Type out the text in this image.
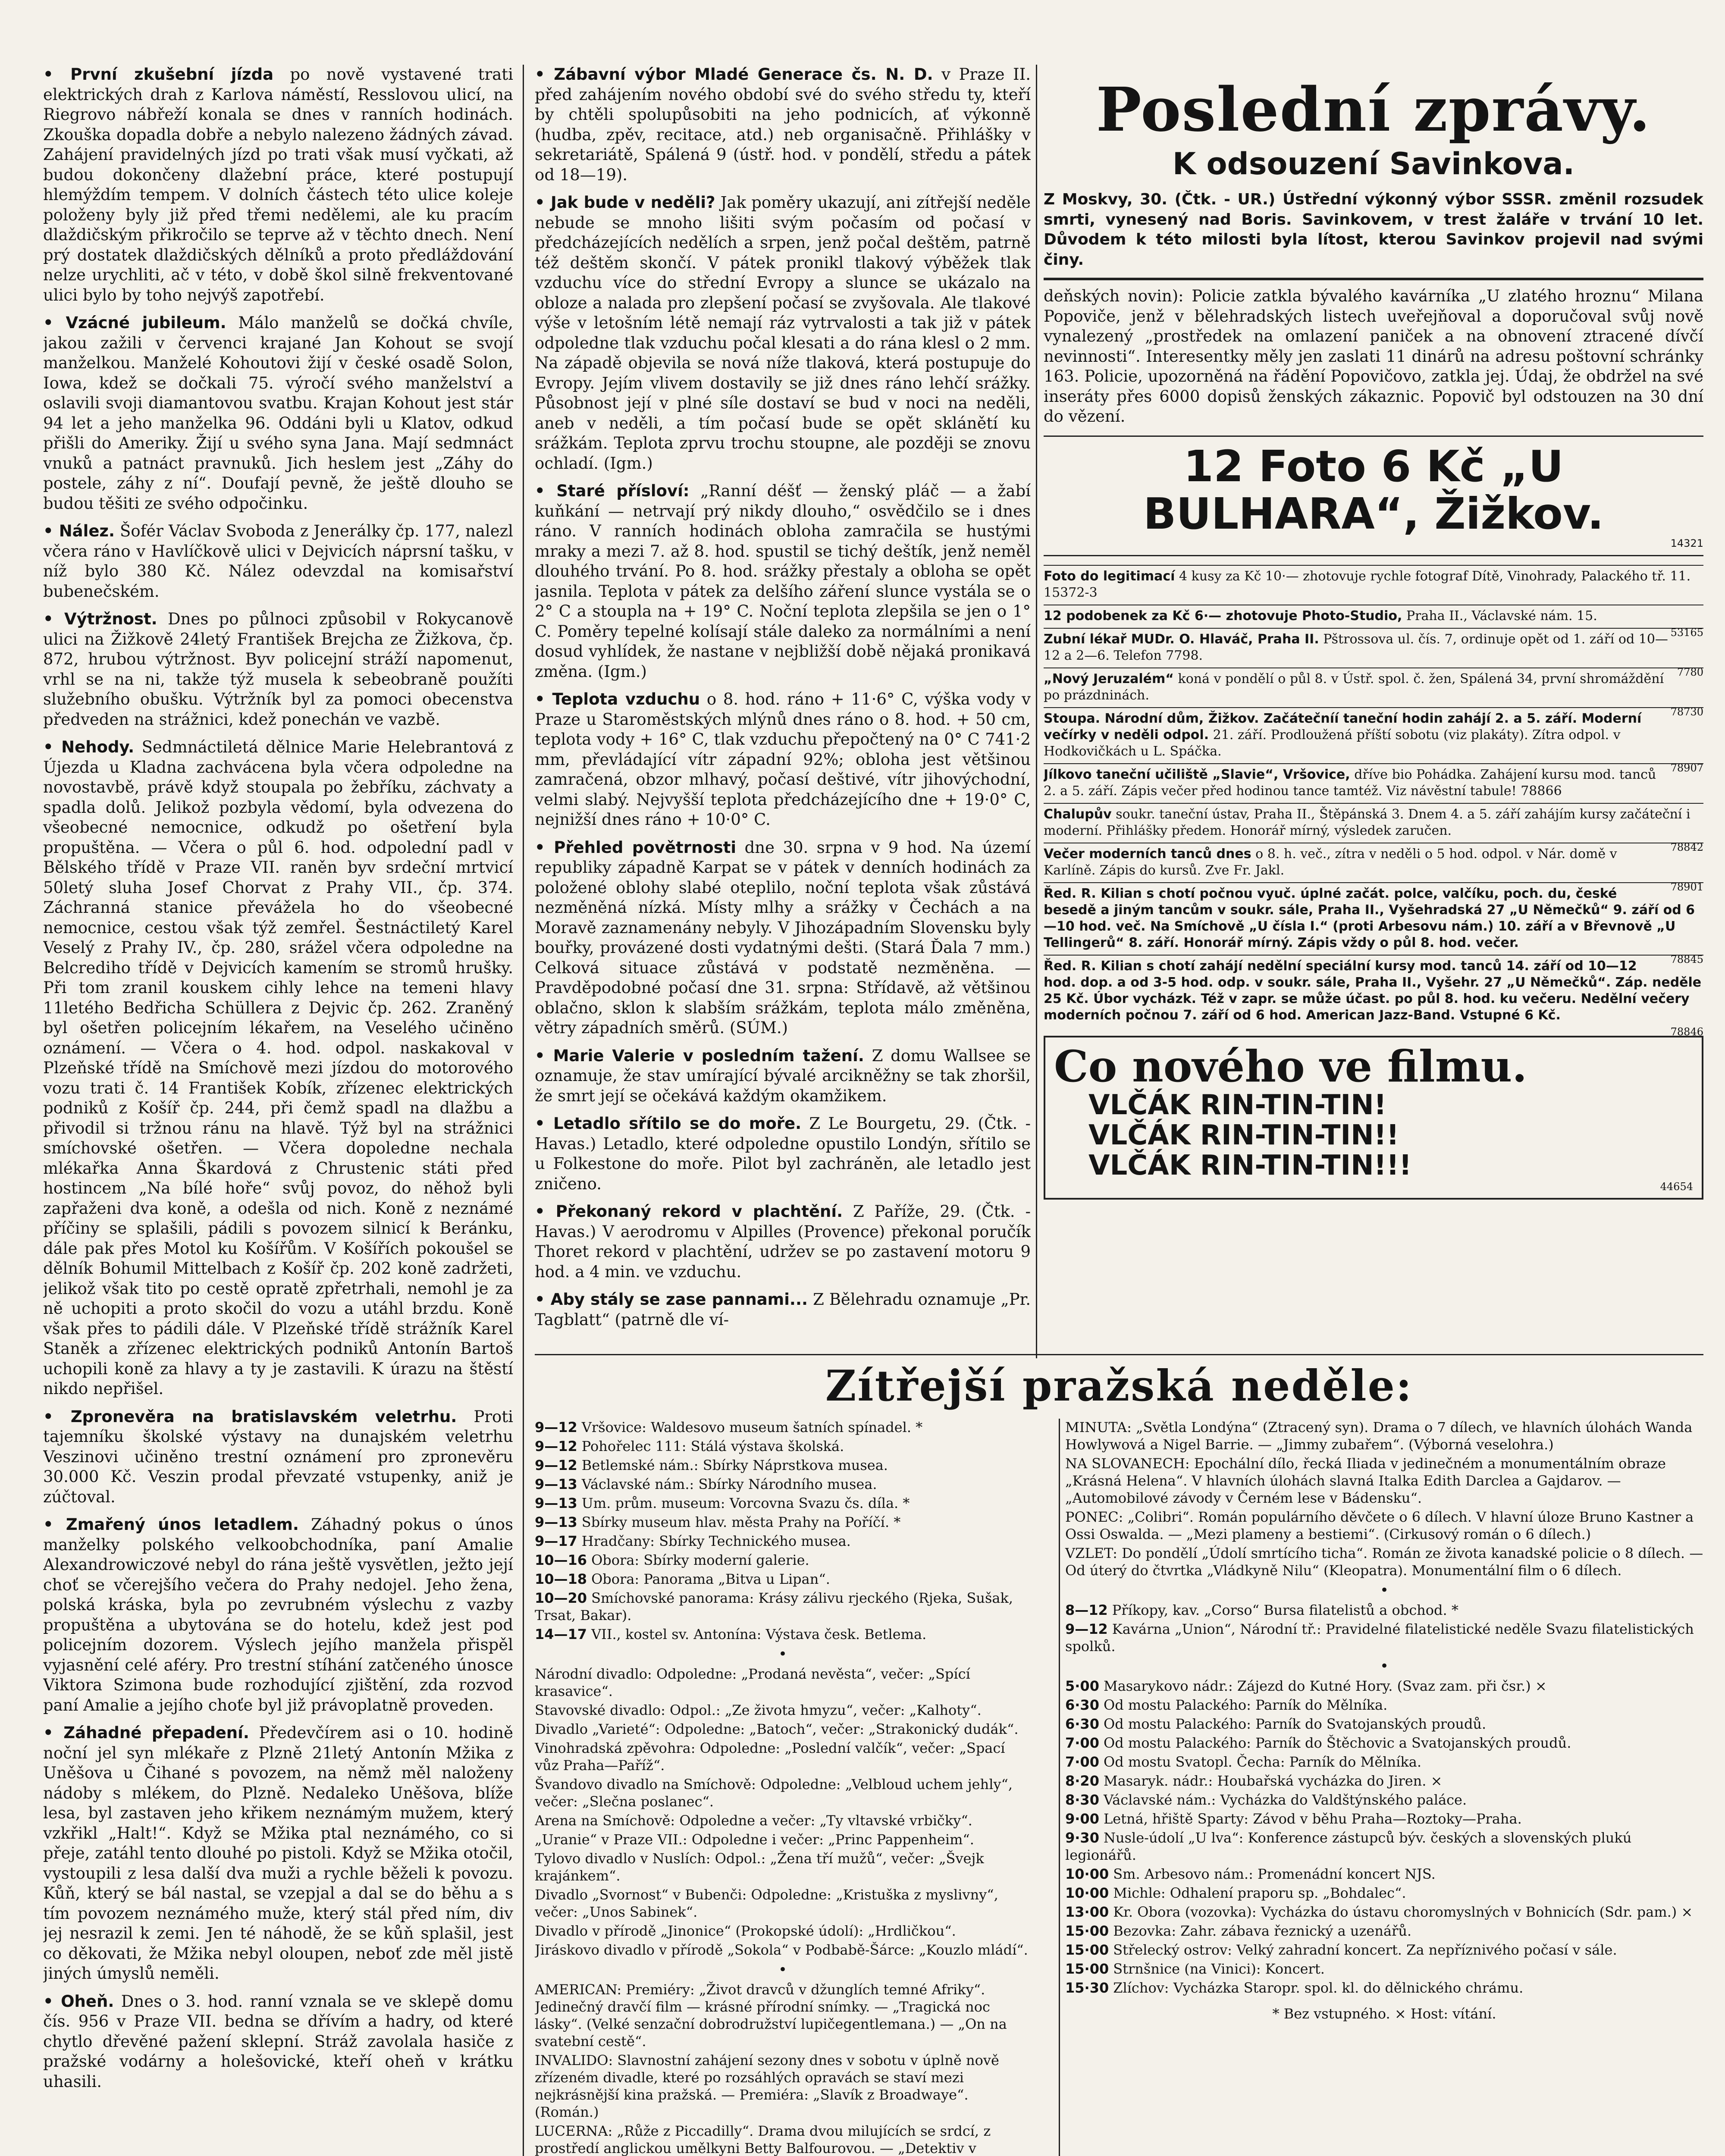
• První zkušební jízda po nově vystavené trati elektrických drah z Karlova náměstí, Resslovou ulicí, na Riegrovo nábřeží konala se dnes v ranních hodinách. Zkouška dopadla dobře a nebylo nalezeno žádných závad. Zahájení pravidelných jízd po trati však musí vyčkati, až budou dokončeny dlažební práce, které postupují hlemýždím tempem. V dolních částech této ulice koleje položeny byly již před třemi nedělemi, ale ku pracím dlaždičským přikročilo se teprve až v těchto dnech. Není prý dostatek dlaždičských dělníků a proto předláždování nelze urychliti, ač v této, v době škol silně frekventované ulici bylo by toho nejvýš zapotřebí.

• Vzácné jubileum. Málo manželů se dočká chvíle, jakou zažili v červenci krajané Jan Kohout se svojí manželkou. Manželé Kohoutovi žijí v české osadě Solon, Iowa, kdež se dočkali 75. výročí svého manželství a oslavili svoji diamantovou svatbu. Krajan Kohout jest stár 94 let a jeho manželka 96. Oddáni byli u Klatov, odkud přišli do Ameriky. Žijí u svého syna Jana. Mají sedmnáct vnuků a patnáct pravnuků. Jich heslem jest „Záhy do postele, záhy z ní“. Doufají pevně, že ještě dlouho se budou těšiti ze svého odpočinku.

• Nález. Šofér Václav Svoboda z Jenerálky čp. 177, nalezl včera ráno v Havlíčkově ulici v Dejvicích náprsní tašku, v níž bylo 380 Kč. Nález odevzdal na komisařství bubenečském.

• Výtržnost. Dnes po půlnoci způsobil v Rokycanově ulici na Žižkově 24letý František Brejcha ze Žižkova, čp. 872, hrubou výtržnost. Byv policejní stráží napomenut, vrhl se na ni, takže týž musela k sebeobraně použíti služebního obušku. Výtržník byl za pomoci obecenstva předveden na strážnici, kdež ponechán ve vazbě.

• Nehody. Sedmnáctiletá dělnice Marie Helebrantová z Újezda u Kladna zachvácena byla včera odpoledne na novostavbě, právě když stoupala po žebříku, záchvaty a spadla dolů. Jelikož pozbyla vědomí, byla odvezena do všeobecné nemocnice, odkudž po ošetření byla propuštěna. — Včera o půl 6. hod. odpolední padl v Bělského třídě v Praze VII. raněn byv srdeční mrtvicí 50letý sluha Josef Chorvat z Prahy VII., čp. 374. Záchranná stanice převážela ho do všeobecné nemocnice, cestou však týž zemřel. Šestnáctiletý Karel Veselý z Prahy IV., čp. 280, srážel včera odpoledne na Belcrediho třídě v Dejvicích kamením se stromů hrušky. Při tom zranil kouskem cihly lehce na temeni hlavy 11letého Bedřicha Schüllera z Dejvic čp. 262. Zraněný byl ošetřen policejním lékařem, na Veselého učiněno oznámení. — Včera o 4. hod. odpol. naskakoval v Plzeňské třídě na Smíchově mezi jízdou do motorového vozu trati č. 14 František Kobík, zřízenec elektrických podniků z Košíř čp. 244, při čemž spadl na dlažbu a přivodil si tržnou ránu na hlavě. Týž byl na strážnici smíchovské ošetřen. — Včera dopoledne nechala mlékařka Anna Škardová z Chrustenic státi před hostincem „Na bílé hoře“ svůj povoz, do něhož byli zapřaženi dva koně, a odešla od nich. Koně z neznámé příčiny se splašili, pádili s povozem silnicí k Beránku, dále pak přes Motol ku Košířům. V Košířích pokoušel se dělník Bohumil Mittelbach z Košíř čp. 202 koně zadržeti, jelikož však tito po cestě opratě zpřetrhali, nemohl je za ně uchopiti a proto skočil do vozu a utáhl brzdu. Koně však přes to pádili dále. V Plzeňské třídě strážník Karel Staněk a zřízenec elektrických podniků Antonín Bartoš uchopili koně za hlavy a ty je zastavili. K úrazu na štěstí nikdo nepřišel.

• Zpronevěra na bratislavském veletrhu. Proti tajemníku školské výstavy na dunajském veletrhu Veszinovi učiněno trestní oznámení pro zpronevěru 30.000 Kč. Veszin prodal převzaté vstupenky, aniž je zúčtoval.

• Zmařený únos letadlem. Záhadný pokus o únos manželky polského velkoobchodníka, paní Amalie Alexandrowiczové nebyl do rána ještě vysvětlen, ježto její choť se včerejšího večera do Prahy nedojel. Jeho žena, polská kráska, byla po zevrubném výslechu z vazby propuštěna a ubytována se do hotelu, kdež jest pod policejním dozorem. Výslech jejího manžela přispěl vyjasnění celé aféry. Pro trestní stíhání zatčeného únosce Viktora Szimona bude rozhodující zjištění, zda rozvod paní Amalie a jejího choťe byl již právoplatně proveden.

• Záhadné přepadení. Předevčírem asi o 10. hodině noční jel syn mlékaře z Plzně 21letý Antonín Mžika z Uněšova u Čihané s povozem, na němž měl naloženy nádoby s mlékem, do Plzně. Nedaleko Uněšova, blíže lesa, byl zastaven jeho křikem neznámým mužem, který vzkřikl „Halt!“. Když se Mžika ptal neznámého, co si přeje, zatáhl tento dlouhé po pistoli. Když se Mžika otočil, vystoupili z lesa další dva muži a rychle běželi k povozu. Kůň, který se bál nastal, se vzepjal a dal se do běhu a s tím povozem neznámého muže, který stál před ním, div jej nesrazil k zemi. Jen té náhodě, že se kůň splašil, jest co děkovati, že Mžika nebyl oloupen, neboť zde měl jistě jiných úmyslů neměli.

• Oheň. Dnes o 3. hod. ranní vznala se ve sklepě domu čís. 956 v Praze VII. bedna se dřívím a hadry, od které chytlo dřevěné pažení sklepní. Stráž zavolala hasiče z pražské vodárny a holešovické, kteří oheň v krátku uhasili.

• Zábavní výbor Mladé Generace čs. N. D. v Praze II. před zahájením nového období své do svého středu ty, kteří by chtěli spolupůsobiti na jeho podnicích, ať výkonně (hudba, zpěv, recitace, atd.) neb organisačně. Přihlášky v sekretariátě, Spálená 9 (ústř. hod. v pondělí, středu a pátek od 18—19).

• Jak bude v neděli? Jak poměry ukazují, ani zítřejší neděle nebude se mnoho lišiti svým počasím od počasí v předcházejících nedělích a srpen, jenž počal deštěm, patrně též deštěm skončí. V pátek pronikl tlakový výběžek tlak vzduchu více do střední Evropy a slunce se ukázalo na obloze a nalada pro zlepšení počasí se zvyšovala. Ale tlakové výše v letošním létě nemají ráz vytrvalosti a tak již v pátek odpoledne tlak vzduchu počal klesati a do rána klesl o 2 mm. Na západě objevila se nová níže tlaková, která postupuje do Evropy. Jejím vlivem dostavily se již dnes ráno lehčí srážky. Působnost její v plné síle dostaví se bud v noci na neděli, aneb v neděli, a tím počasí bude se opět sklánětí ku srážkám. Teplota zprvu trochu stoupne, ale později se znovu ochladí. (Igm.)

• Staré přísloví: „Ranní déšť — ženský pláč — a žabí kuňkání — netrvají prý nikdy dlouho,“ osvědčilo se i dnes ráno. V ranních hodinách obloha zamračila se hustými mraky a mezi 7. až 8. hod. spustil se tichý deštík, jenž neměl dlouhého trvání. Po 8. hod. srážky přestaly a obloha se opět jasnila. Teplota v pátek za delšího záření slunce vystála se o 2° C a stoupla na + 19° C. Noční teplota zlepšila se jen o 1° C. Poměry tepelné kolísají stále daleko za normálními a není dosud vyhlídek, že nastane v nejbližší době nějaká pronikavá změna. (Igm.)

• Teplota vzduchu o 8. hod. ráno + 11·6° C, výška vody v Praze u Staroměstských mlýnů dnes ráno o 8. hod. + 50 cm, teplota vody + 16° C, tlak vzduchu přepočtený na 0° C 741·2 mm, převládající vítr západní 92%; obloha jest většinou zamračená, obzor mlhavý, počasí deštivé, vítr jihovýchodní, velmi slabý. Nejvyšší teplota předcházejícího dne + 19·0° C, nejnižší dnes ráno + 10·0° C.

• Přehled povětrnosti dne 30. srpna v 9 hod. Na území republiky západně Karpat se v pátek v denních hodinách za položené oblohy slabé oteplilo, noční teplota však zůstává nezměněná nízká. Místy mlhy a srážky v Čechách a na Moravě zaznamenány nebyly. V Jihozápadním Slovensku byly bouřky, provázené dosti vydatnými dešti. (Stará Ďala 7 mm.) Celková situace zůstává v podstatě nezměněna. — Pravděpodobné počasí dne 31. srpna: Střídavě, až většinou oblačno, sklon k slabším srážkám, teplota málo změněna, větry západních směrů. (SÚM.)

• Marie Valerie v posledním tažení. Z domu Wallsee se oznamuje, že stav umírající bývalé arcikněžny se tak zhoršil, že smrt její se očekává každým okamžikem.

• Letadlo sřítilo se do moře. Z Le Bourgetu, 29. (Čtk. - Havas.) Letadlo, které odpoledne opustilo Londýn, sřítilo se u Folkestone do moře. Pilot byl zachráněn, ale letadlo jest zničeno.

• Překonaný rekord v plachtění. Z Paříže, 29. (Čtk. - Havas.) V aerodromu v Alpilles (Provence) překonal poručík Thoret rekord v plachtění, udržev se po zastavení motoru 9 hod. a 4 min. ve vzduchu.

• Aby stály se zase pannami... Z Bělehradu oznamuje „Pr. Tagblatt“ (patrně dle ví-

Poslední zprávy.
K odsouzení Savinkova.

Z Moskvy, 30. (Čtk. - UR.) Ústřední výkonný výbor SSSR. změnil rozsudek smrti, vynesený nad Boris. Savinkovem, v trest žaláře v trvání 10 let. Důvodem k této milosti byla lítost, kterou Savinkov projevil nad svými činy.

deňských novin): Policie zatkla bývalého kavárníka „U zlatého hroznu“ Milana Popoviče, jenž v bělehradských listech uveřejňoval a doporučoval svůj nově vynalezený „prostředek na omlazení paniček a na obnovení ztracené dívčí nevinnosti“. Interesentky měly jen zaslati 11 dinárů na adresu poštovní schránky 163. Policie, upozorněná na řádění Popovičovo, zatkla jej. Údaj, že obdržel na své inseráty přes 6000 dopisů ženských zákaznic. Popovič byl odstouzen na 30 dní do vězení.

12 Foto 6 Kč „U BULHARA“, Žižkov.
14321
Foto do legitimací 4 kusy za Kč 10·— zhotovuje rychle fotograf Dítě, Vinohrady, Palackého tř. 11. 15372-3
12 podobenek za Kč 6·— zhotovuje Photo-Studio, Praha II., Václavské nám. 15.

53165
Zubní lékař MUDr. O. Hlaváč, Praha II. Pštrossova ul. čís. 7, ordinuje opět od 1. září od 10—12 a 2—6. Telefon 7798.

7780
„Nový Jeruzalém“ koná v pondělí o půl 8. v Ústř. spol. č. žen, Spálená 34, první shromáždění po prázdninách.

78730
Stoupa. Národní dům, Žižkov. Začátečníí taneční hodin zahájí 2. a 5. září. Moderní večírky v neděli odpol. 21. září. Prodloužená příští sobotu (viz plakáty). Zítra odpol. v Hodkovičkách u L. Spáčka.

78907
Jílkovo taneční učiliště „Slavie“, Vršovice, dříve bio Pohádka. Zahájení kursu mod. tanců 2. a 5. září. Zápis večer před hodinou tance tamtéž. Viz návěstní tabule! 78866
Chalupův soukr. taneční ústav, Praha II., Štěpánská 3. Dnem 4. a 5. září zahájím kursy začáteční i moderní. Přihlášky předem. Honorář mírný, výsledek zaručen.

78842
Večer moderních tanců dnes o 8. h. več., zítra v neděli o 5 hod. odpol. v Nár. domě v Karlíně. Zápis do kursů. Zve Fr. Jakl.

78901
Řed. R. Kilian s chotí počnou vyuč. úplné začát. polce, valčíku, poch. du, české besedě a jiným tancům v soukr. sále, Praha II., Vyšehradská 27 „U Němečků“ 9. září od 6—10 hod. več. Na Smíchově „U čísla I.“ (proti Arbesovu nám.) 10. září a v Břevnově „U Tellingerů“ 8. září. Honorář mírný. Zápis vždy o půl 8. hod. večer.

78845
Řed. R. Kilian s chotí zahájí nedělní speciální kursy mod. tanců 14. září od 10—12 hod. dop. a od 3-5 hod. odp. v soukr. sále, Praha II., Vyšehr. 27 „U Němečků“. Záp. neděle 25 Kč. Úbor vycházk. Též v zapr. se může účast. po půl 8. hod. ku večeru. Nedělní večery moderních počnou 7. září od 6 hod. American Jazz-Band. Vstupné 6 Kč.

78846
Co nového ve filmu.
VLČÁK RIN-TIN-TIN!
VLČÁK RIN-TIN-TIN!!
VLČÁK RIN-TIN-TIN!!!
44654
Zítřejší pražská neděle:
9—12 Vršovice: Waldesovo museum šatních spínadel. *
9—12 Pohořelec 111: Stálá výstava školská.
9—12 Betlemské nám.: Sbírky Náprstkova musea.
9—13 Václavské nám.: Sbírky Národního musea.
9—13 Um. prům. museum: Vorcovna Svazu čs. díla. *
9—13 Sbírky museum hlav. města Prahy na Poříčí. *
9—17 Hradčany: Sbírky Technického musea.
10—16 Obora: Sbírky moderní galerie.
10—18 Obora: Panorama „Bitva u Lipan“.
10—20 Smíchovské panorama: Krásy zálivu rjeckého (Rjeka, Sušak, Trsat, Bakar).
14—17 VII., kostel sv. Antonína: Výstava česk. Betlema.
•
Národní divadlo: Odpoledne: „Prodaná nevěsta“, večer: „Spící krasavice“.
Stavovské divadlo: Odpol.: „Ze života hmyzu“, večer: „Kalhoty“.
Divadlo „Varieté“: Odpoledne: „Batoch“, večer: „Strakonický dudák“.
Vinohradská zpěvohra: Odpoledne: „Poslední valčík“, večer: „Spací vůz Praha—Paříž“.
Švandovo divadlo na Smíchově: Odpoledne: „Velbloud uchem jehly“, večer: „Slečna poslanec“.
Arena na Smíchově: Odpoledne a večer: „Ty vltavské vrbičky“.
„Uranie“ v Praze VII.: Odpoledne i večer: „Princ Pappenheim“.
Tylovo divadlo v Nuslích: Odpol.: „Žena tří mužů“, večer: „Švejk krajánkem“.
Divadlo „Svornost“ v Bubenči: Odpoledne: „Kristuška z myslivny“, večer: „Unos Sabinek“.
Divadlo v přírodě „Jinonice“ (Prokopské údolí): „Hrdličkou“.
Jiráskovo divadlo v přírodě „Sokola“ v Podbabě-Šárce: „Kouzlo mládí“.
•
AMERICAN: Premiéry: „Život dravců v džunglích temné Afriky“. Jedinečný dravčí film — krásné přírodní snímky. — „Tragická noc lásky“. (Velké senzační dobrodružství lupičegentlemana.) — „On na svatební cestě“.
INVALIDO: Slavnostní zahájení sezony dnes v sobotu v úplně nově zřízeném divadle, které po rozsáhlých opravách se staví mezi nejkrásnější kina pražská. — Premiéra: „Slavík z Broadwaye“. (Román.)
LUCERNA: „Růže z Piccadilly“. Drama dvou milujících se srdcí, z prostředí anglickou umělkyni Betty Balfourovou. — „Detektiv v
MINUTA: „Světla Londýna“ (Ztracený syn). Drama o 7 dílech, ve hlavních úlohách Wanda Howlywová a Nigel Barrie. — „Jimmy zubařem“. (Výborná veselohra.)
NA SLOVANECH: Epochální dílo, řecká Iliada v jedinečném a monumentálním obraze „Krásná Helena“. V hlavních úlohách slavná Italka Edith Darclea a Gajdarov. — „Automobilové závody v Černém lese v Bádensku“.
PONEC: „Colibri“. Román populárního děvčete o 6 dílech. V hlavní úloze Bruno Kastner a Ossi Oswalda. — „Mezi plameny a bestiemi“. (Cirkusový román o 6 dílech.)
VZLET: Do pondělí „Údolí smrtícího ticha“. Román ze života kanadské policie o 8 dílech. — Od úterý do čtvrtka „Vládkyně Nilu“ (Kleopatra). Monumentální film o 6 dílech.
•
8—12 Příkopy, kav. „Corso“ Bursa filatelistů a obchod. *
9—12 Kavárna „Union“, Národní tř.: Pravidelné filatelistické neděle Svazu filatelistických spolků.
•
5·00 Masarykovo nádr.: Zájezd do Kutné Hory. (Svaz zam. při čsr.) ×
6·30 Od mostu Palackého: Parník do Mělníka.
6·30 Od mostu Palackého: Parník do Svatojanských proudů.
7·00 Od mostu Palackého: Parník do Štěchovic a Svatojanských proudů.
7·00 Od mostu Svatopl. Čecha: Parník do Mělníka.
8·20 Masaryk. nádr.: Houbařská vycházka do Jiren. ×
8·30 Václavské nám.: Vycházka do Valdštýnského paláce.
9·00 Letná, hřiště Sparty: Závod v běhu Praha—Roztoky—Praha.
9·30 Nusle-údolí „U lva“: Konference zástupců býv. českých a slovenských plukú legionářů.
10·00 Sm. Arbesovo nám.: Promenádní koncert NJS.
10·00 Michle: Odhalení praporu sp. „Bohdalec“.
13·00 Kr. Obora (vozovka): Vycházka do ústavu choromyslných v Bohnicích (Sdr. pam.) ×
15·00 Bezovka: Zahr. zábava řeznický a uzenářů.
15·00 Střelecký ostrov: Velký zahradní koncert. Za nepříznivého počasí v sále.
15·00 Strnšnice (na Vinici): Koncert.
15·30 Zlíchov: Vycházka Staropr. spol. kl. do dělnického chrámu.
* Bez vstupného. × Host: vítání.
